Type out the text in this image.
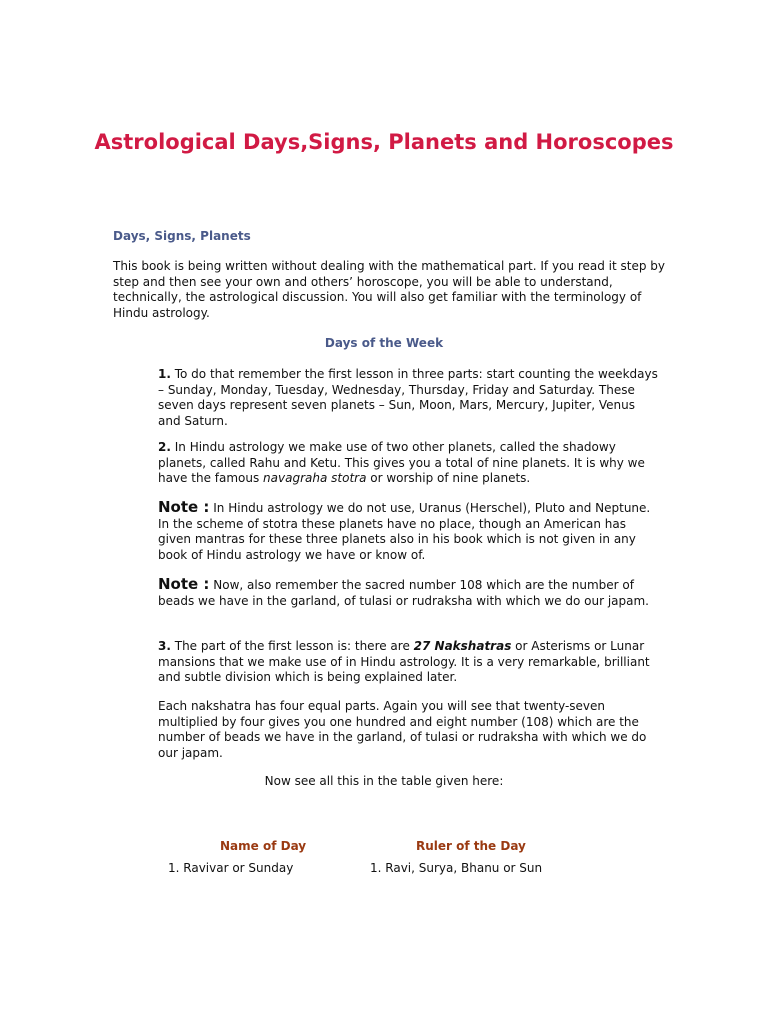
Astrological Days,Signs, Planets and Horoscopes
Days, Signs, Planets
This book is being written without dealing with the mathematical part. If you read it step by step and then see your own and others’ horoscope, you will be able to understand, technically, the astrological discussion. You will also get familiar with the terminology of Hindu astrology.
Days of the Week
1. To do that remember the first lesson in three parts: start counting the weekdays – Sunday, Monday, Tuesday, Wednesday, Thursday, Friday and Saturday. These seven days represent seven planets – Sun, Moon, Mars, Mercury, Jupiter, Venus and Saturn.
2. In Hindu astrology we make use of two other planets, called the shadowy planets, called Rahu and Ketu. This gives you a total of nine planets. It is why we have the famous navagraha stotra or worship of nine planets.
Note : In Hindu astrology we do not use, Uranus (Herschel), Pluto and Neptune. In the scheme of stotra these planets have no place, though an American has given mantras for these three planets also in his book which is not given in any book of Hindu astrology we have or know of.
Note : Now, also remember the sacred number 108 which are the number of beads we have in the garland, of tulasi or rudraksha with which we do our japam.
3. The part of the first lesson is: there are 27 Nakshatras or Asterisms or Lunar mansions that we make use of in Hindu astrology. It is a very remarkable, brilliant and subtle division which is being explained later.
Each nakshatra has four equal parts. Again you will see that twenty-seven multiplied by four gives you one hundred and eight number (108) which are the number of beads we have in the garland, of tulasi or rudraksha with which we do our japam.
Now see all this in the table given here:
Name of Day	Ruler of the Day
1. Ravivar or Sunday	1. Ravi, Surya, Bhanu or Sun
